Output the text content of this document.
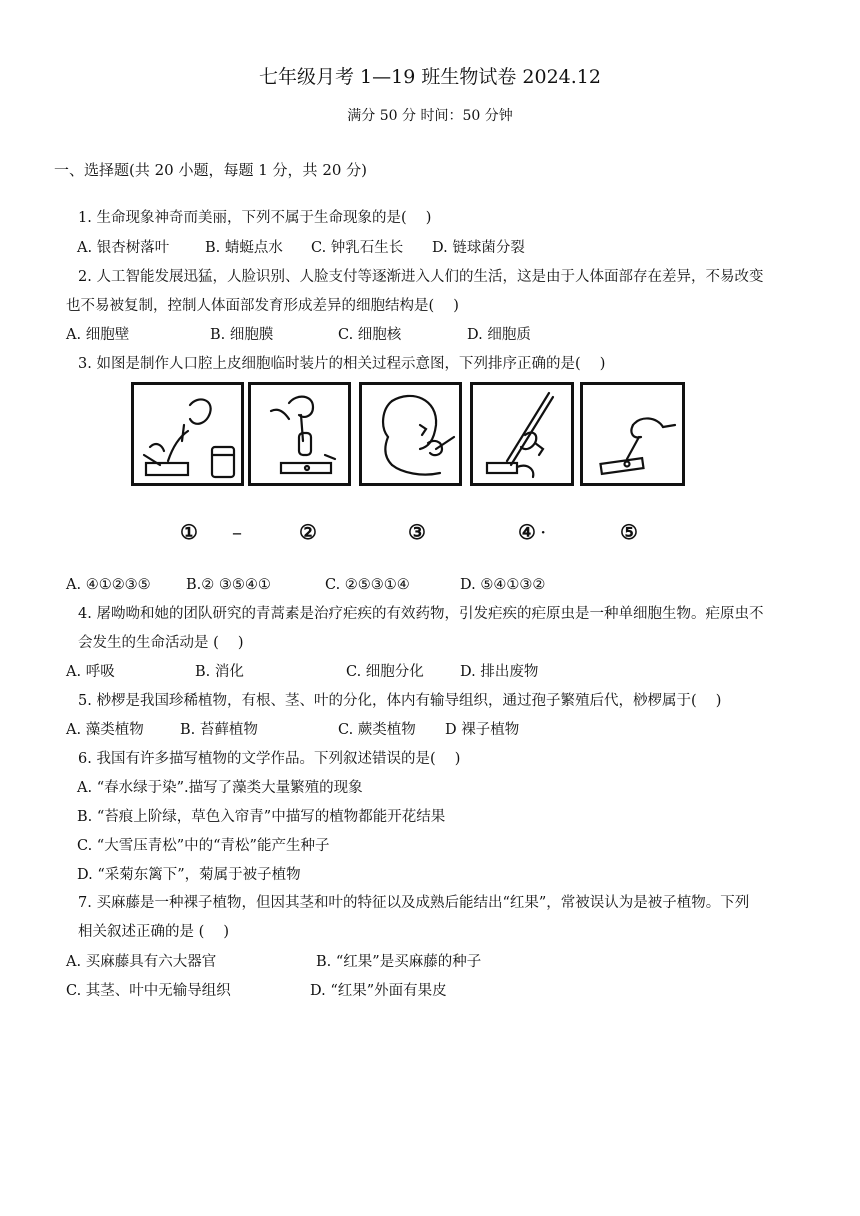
七年级月考 1—19 班生物试卷 2024.12
满分 50 分 时间：50 分钟
一、选择题(共 20 小题，每题 1 分，共 20 分)
1. 生命现象神奇而美丽，下列不属于生命现象的是(　 )
A. 银杏树落叶 B. 蜻蜓点水 C. 钟乳石生长 D. 链球菌分裂
2. 人工智能发展迅猛，人脸识别、人脸支付等逐渐进入人们的生活，这是由于人体面部存在差异，不易改变
也不易被复制，控制人体面部发育形成差异的细胞结构是(　 )
A. 细胞壁	B. 细胞膜	C. 细胞核	D. 细胞质
3. 如图是制作人口腔上皮细胞临时装片的相关过程示意图，下列排序正确的是(　 )
① –	②	③	④ ·	⑤
A. ④①②③⑤ B.② ③⑤④①	C. ②⑤③①④	D. ⑤④①③②
4. 屠呦呦和她的团队研究的青蒿素是治疗疟疾的有效药物，引发疟疾的疟原虫是一种单细胞生物。疟原虫不
会发生的生命活动是 (　 )
A. 呼吸	B. 消化	C. 细胞分化 D. 排出废物
5. 桫椤是我国珍稀植物，有根、茎、叶的分化，体内有输导组织，通过孢子繁殖后代，桫椤属于(　 )
A. 藻类植物	B. 苔藓植物	C. 蕨类植物 D 裸子植物
6. 我国有许多描写植物的文学作品。下列叙述错误的是(　 )
A. “春水绿于染”.描写了藻类大量繁殖的现象
B. “苔痕上阶绿，草色入帘青”中描写的植物都能开花结果
C. “大雪压青松”中的“青松”能产生种子
D. “采菊东篱下”，菊属于被子植物
7. 买麻藤是一种裸子植物，但因其茎和叶的特征以及成熟后能结出“红果”，常被误认为是被子植物。下列
相关叙述正确的是 (　 )
A. 买麻藤具有六大器官	B. “红果”是买麻藤的种子
C. 其茎、叶中无输导组织	D. “红果”外面有果皮
